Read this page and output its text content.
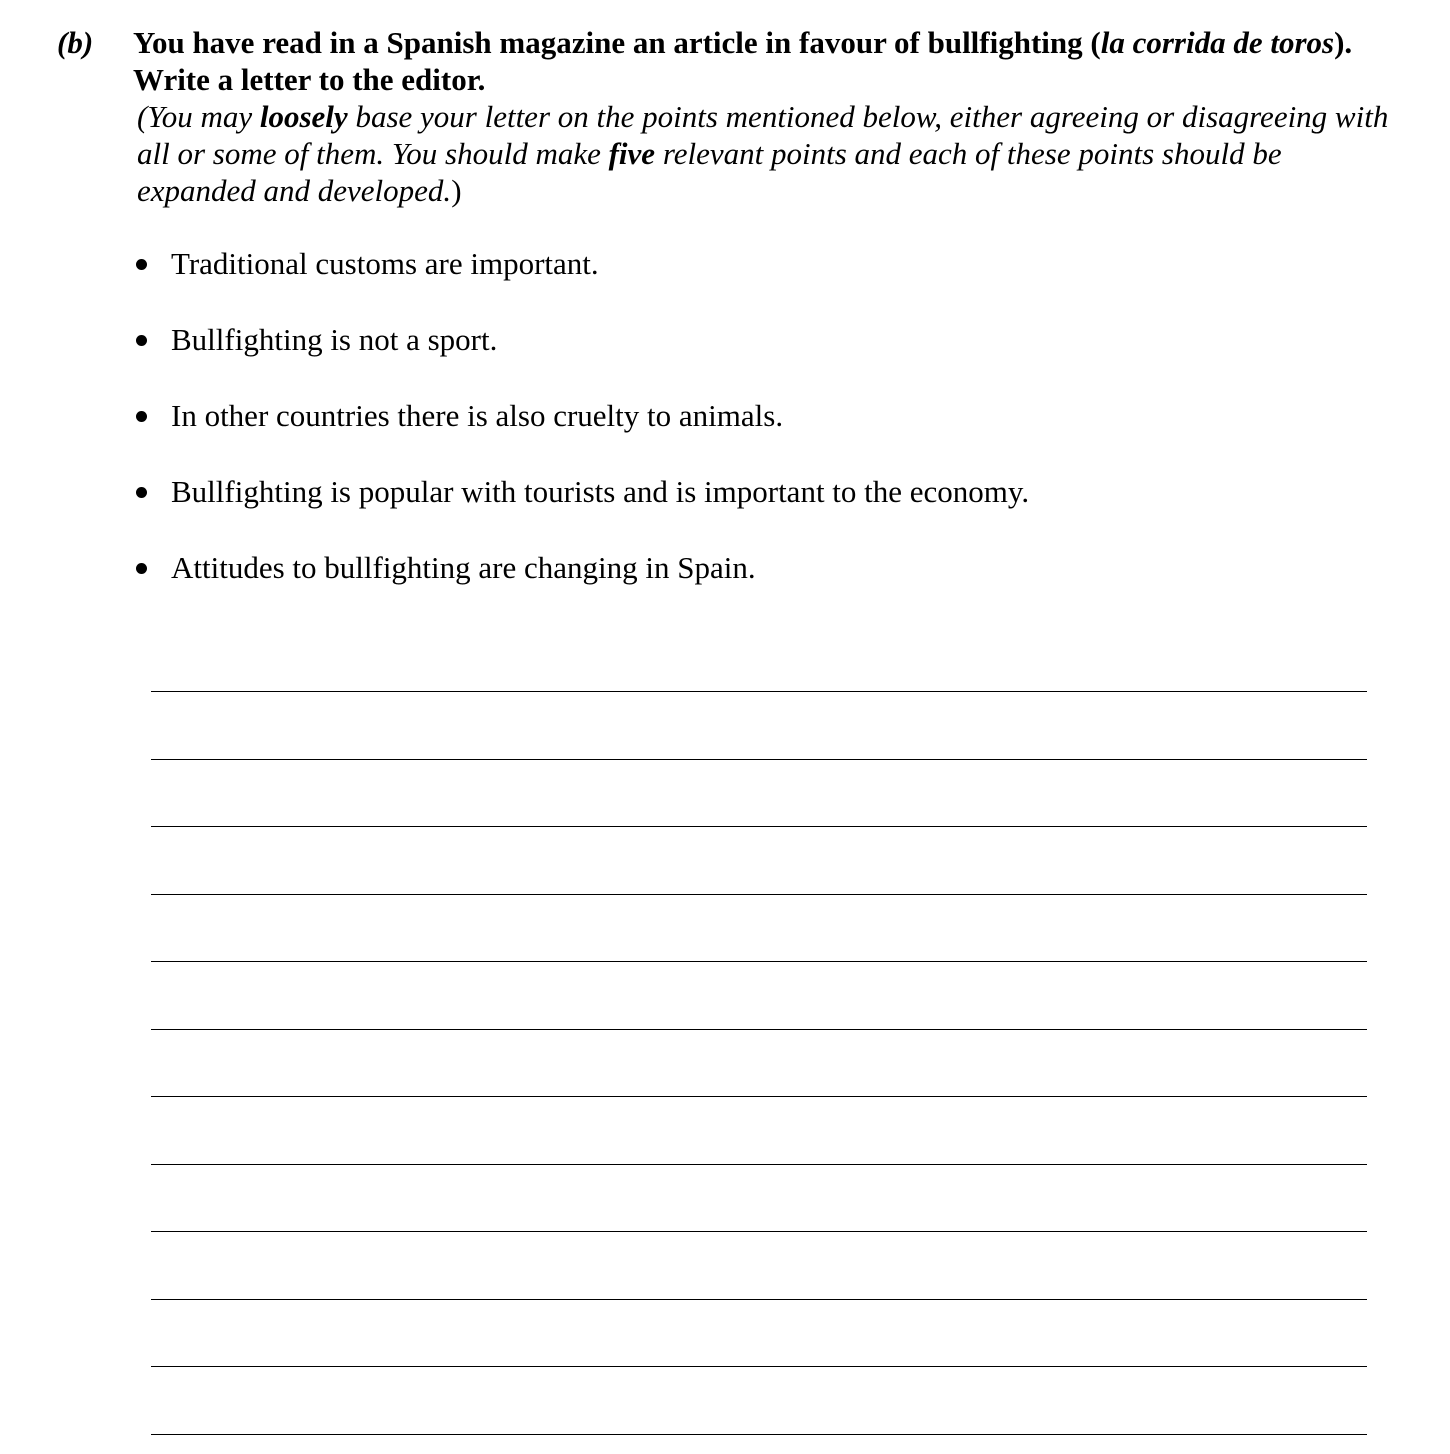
(b) You have read in a Spanish magazine an article in favour of bullfighting (la corrida de toros). Write a letter to the editor.

(You may loosely base your letter on the points mentioned below, either agreeing or disagreeing with all or some of them. You should make five relevant points and each of these points should be expanded and developed.)

Traditional customs are important.
Bullfighting is not a sport.
In other countries there is also cruelty to animals.
Bullfighting is popular with tourists and is important to the economy.
Attitudes to bullfighting are changing in Spain.
